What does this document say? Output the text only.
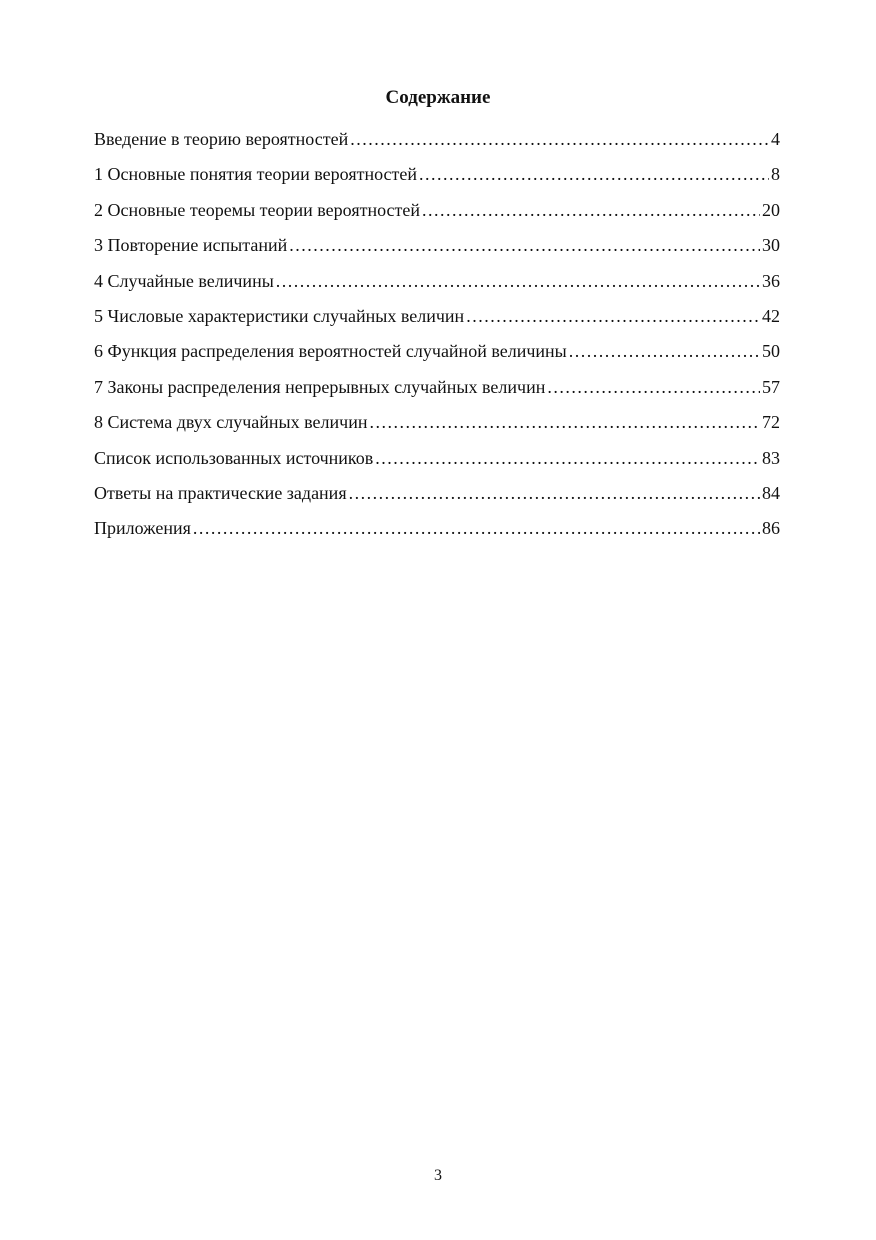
Содержание
Введение в теорию вероятностей . . .	4
1 Основные понятия теории вероятностей . . .	8
2 Основные теоремы теории вероятностей . . .	20
3 Повторение испытаний . . .	30
4 Случайные величины . . .	36
5 Числовые характеристики случайных величин . . .	42
6 Функция распределения вероятностей случайной величины . . .	50
7 Законы распределения непрерывных случайных величин . . .	57
8 Система двух случайных величин . . .	72
Список использованных источников . . .	83
Ответы на практические задания . . .	84
Приложения . . .	86
3
